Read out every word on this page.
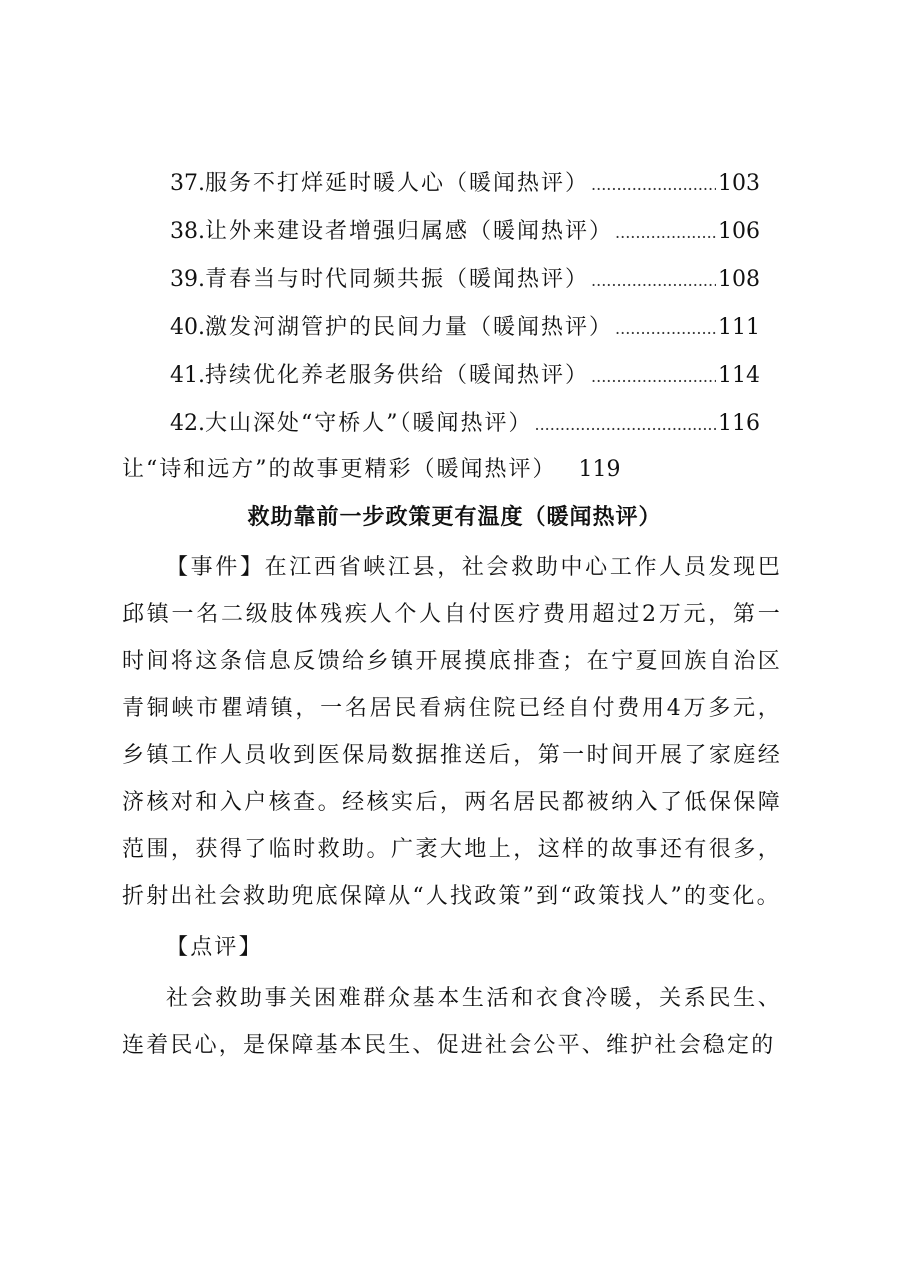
37. 服务不打烊延时暖人心（暖闻热评） .....	103
38. 让外来建设者增强归属感（暖闻热评） .....	106
39. 青春当与时代同频共振（暖闻热评） .....	108
40. 激发河湖管护的民间力量（暖闻热评） .....	111
41. 持续优化养老服务供给（暖闻热评） .....	114
42. 大山深处“守桥人”（暖闻热评） .....	116
让“诗和远方”的故事更精彩（暖闻热评） 119
救助靠前一步政策更有温度（暖闻热评）

【事件】在江西省峡江县，社会救助中心工作人员发现巴邱镇一名二级肢体残疾人个人自付医疗费用超过2万元，第一时间将这条信息反馈给乡镇开展摸底排查；在宁夏回族自治区青铜峡市瞿靖镇，一名居民看病住院已经自付费用4万多元，乡镇工作人员收到医保局数据推送后，第一时间开展了家庭经济核对和入户核查。经核实后，两名居民都被纳入了低保保障范围，获得了临时救助。广袤大地上，这样的故事还有很多，折射出社会救助兜底保障从“人找政策”到“政策找人”的变化。

【点评】

社会救助事关困难群众基本生活和衣食冷暖，关系民生、连着民心，是保障基本民生、促进社会公平、维护社会稳定的
